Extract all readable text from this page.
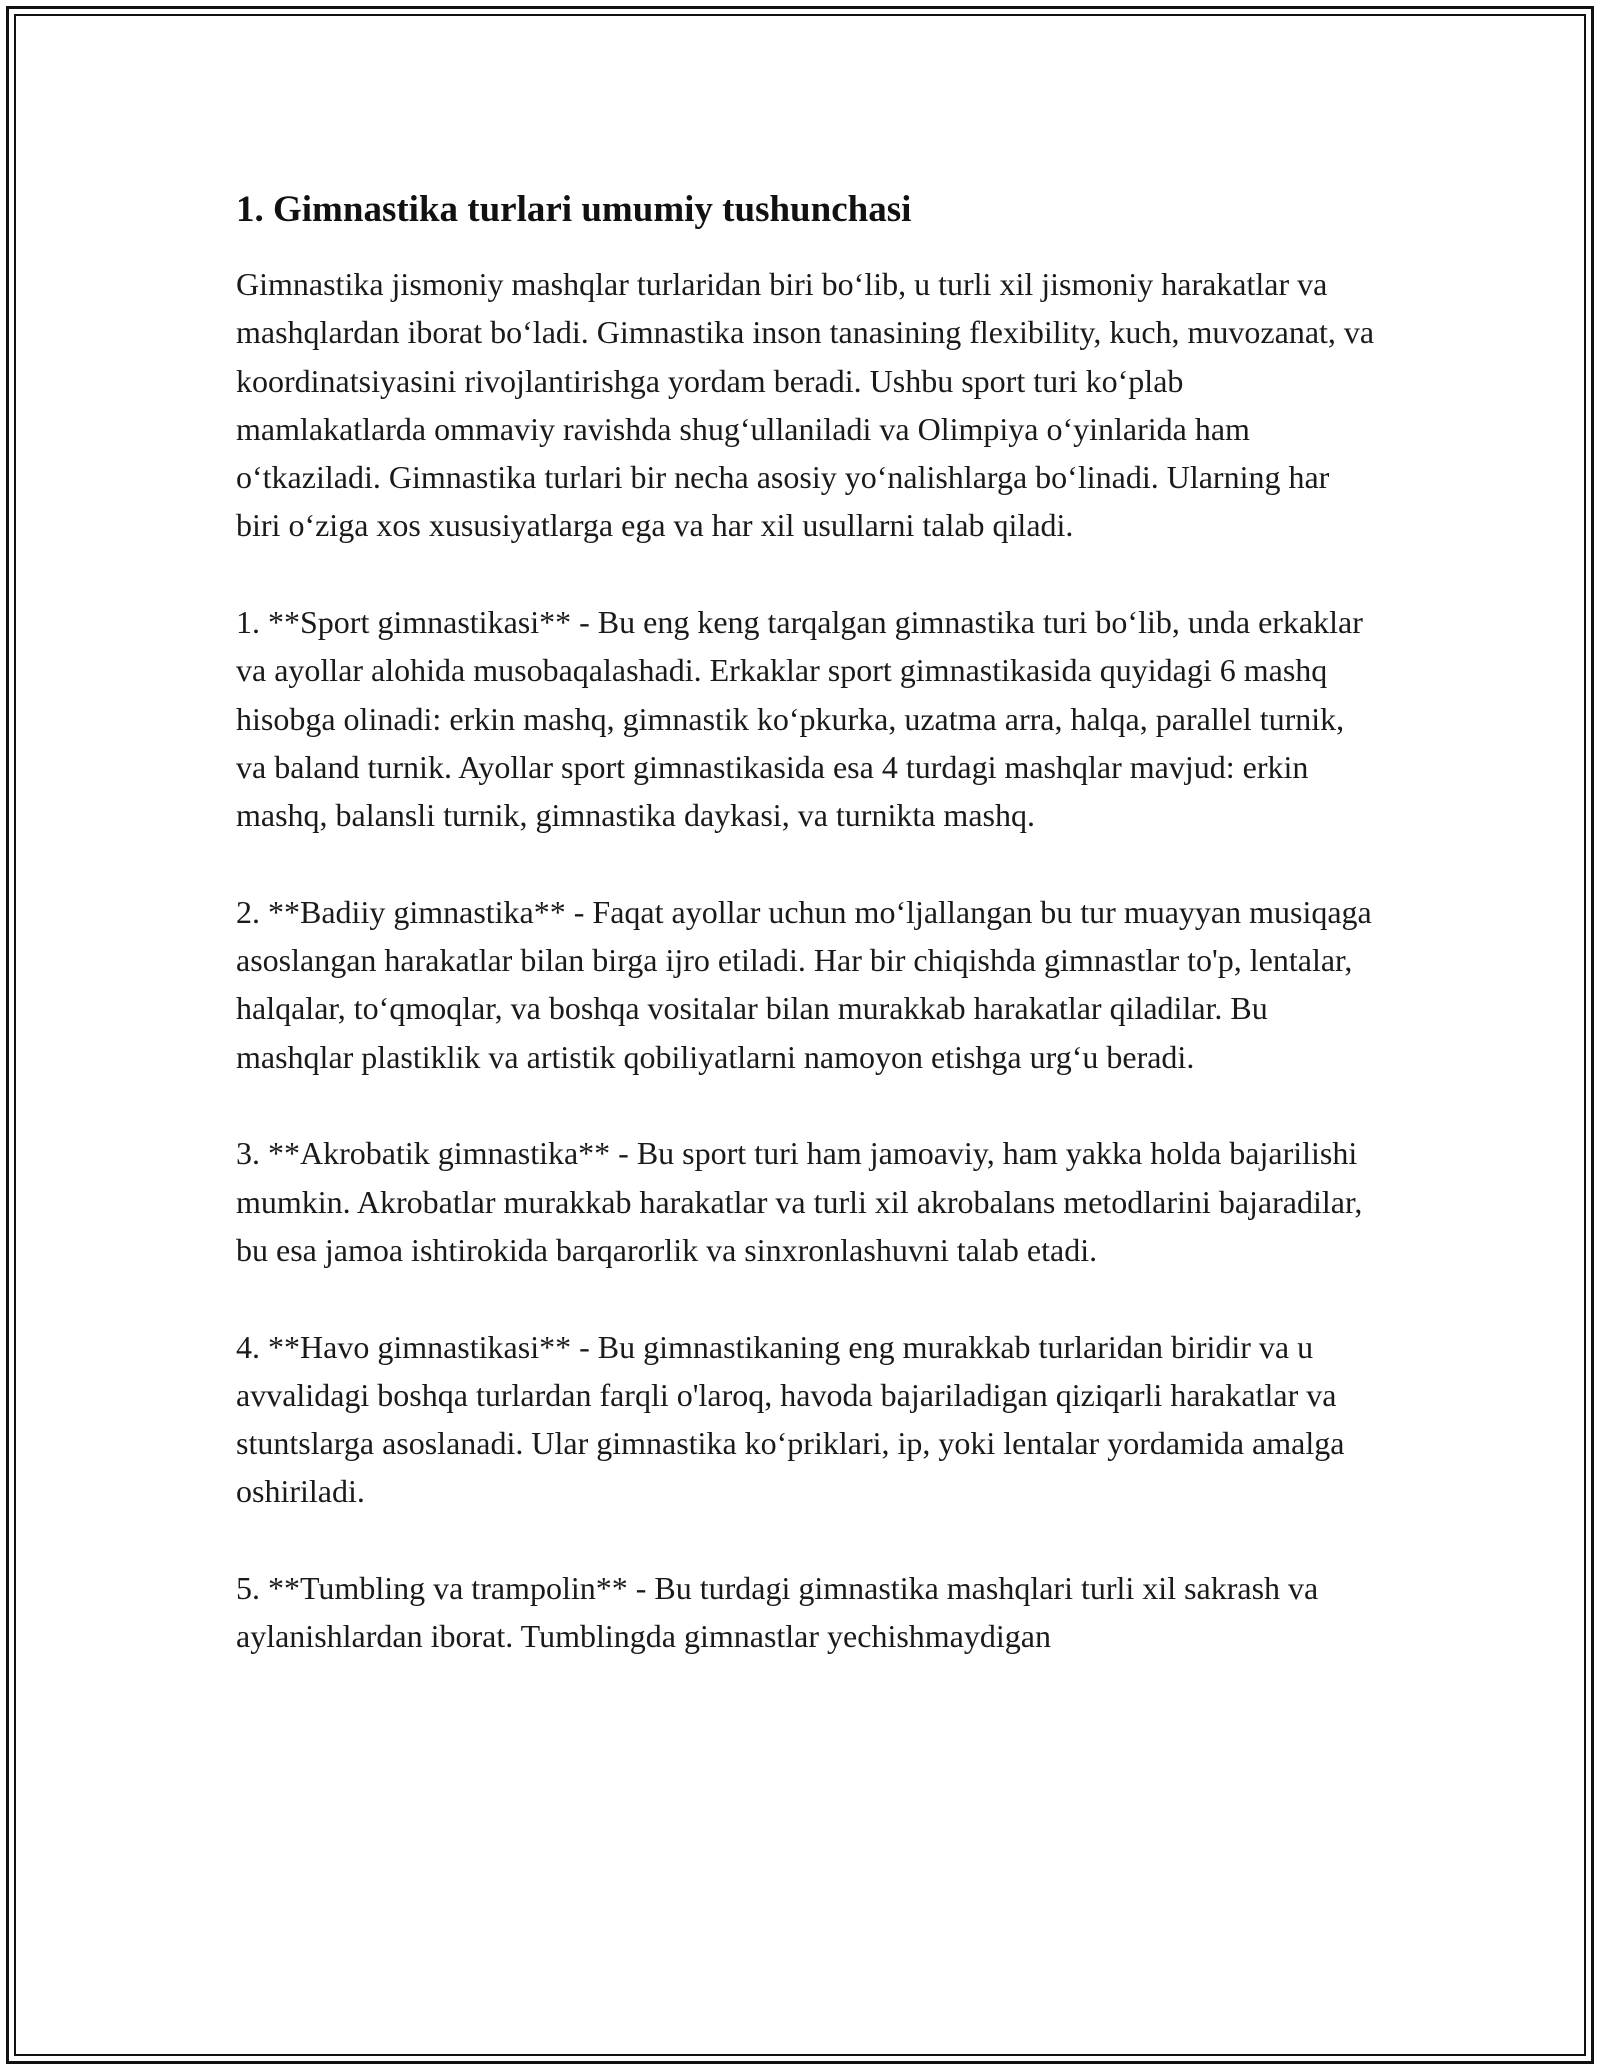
1. Gimnastika turlari umumiy tushunchasi

Gimnastika jismoniy mashqlar turlaridan biri boʻlib, u turli xil jismoniy harakatlar va mashqlardan iborat boʻladi. Gimnastika inson tanasining flexibility, kuch, muvozanat, va koordinatsiyasini rivojlantirishga yordam beradi. Ushbu sport turi koʻplab mamlakatlarda ommaviy ravishda shugʻullaniladi va Olimpiya oʻyinlarida ham oʻtkaziladi. Gimnastika turlari bir necha asosiy yoʻnalishlarga boʻlinadi. Ularning har biri oʻziga xos xususiyatlarga ega va har xil usullarni talab qiladi.

1. **Sport gimnastikasi** - Bu eng keng tarqalgan gimnastika turi boʻlib, unda erkaklar va ayollar alohida musobaqalashadi. Erkaklar sport gimnastikasida quyidagi 6 mashq hisobga olinadi: erkin mashq, gimnastik koʻpkurka, uzatma arra, halqa, parallel turnik, va baland turnik. Ayollar sport gimnastikasida esa 4 turdagi mashqlar mavjud: erkin mashq, balansli turnik, gimnastika daykasi, va turnikta mashq.

2. **Badiiy gimnastika** - Faqat ayollar uchun moʻljallangan bu tur muayyan musiqaga asoslangan harakatlar bilan birga ijro etiladi. Har bir chiqishda gimnastlar to'p, lentalar, halqalar, toʻqmoqlar, va boshqa vositalar bilan murakkab harakatlar qiladilar. Bu mashqlar plastiklik va artistik qobiliyatlarni namoyon etishga urgʻu beradi.

3. **Akrobatik gimnastika** - Bu sport turi ham jamoaviy, ham yakka holda bajarilishi mumkin. Akrobatlar murakkab harakatlar va turli xil akrobalans metodlarini bajaradilar, bu esa jamoa ishtirokida barqarorlik va sinxronlashuvni talab etadi.

4. **Havo gimnastikasi** - Bu gimnastikaning eng murakkab turlaridan biridir va u avvalidagi boshqa turlardan farqli o'laroq, havoda bajariladigan qiziqarli harakatlar va stuntslarga asoslanadi. Ular gimnastika koʻpriklari, ip, yoki lentalar yordamida amalga oshiriladi.

5. **Tumbling va trampolin** - Bu turdagi gimnastika mashqlari turli xil sakrash va aylanishlardan iborat. Tumblingda gimnastlar yechishmaydigan
